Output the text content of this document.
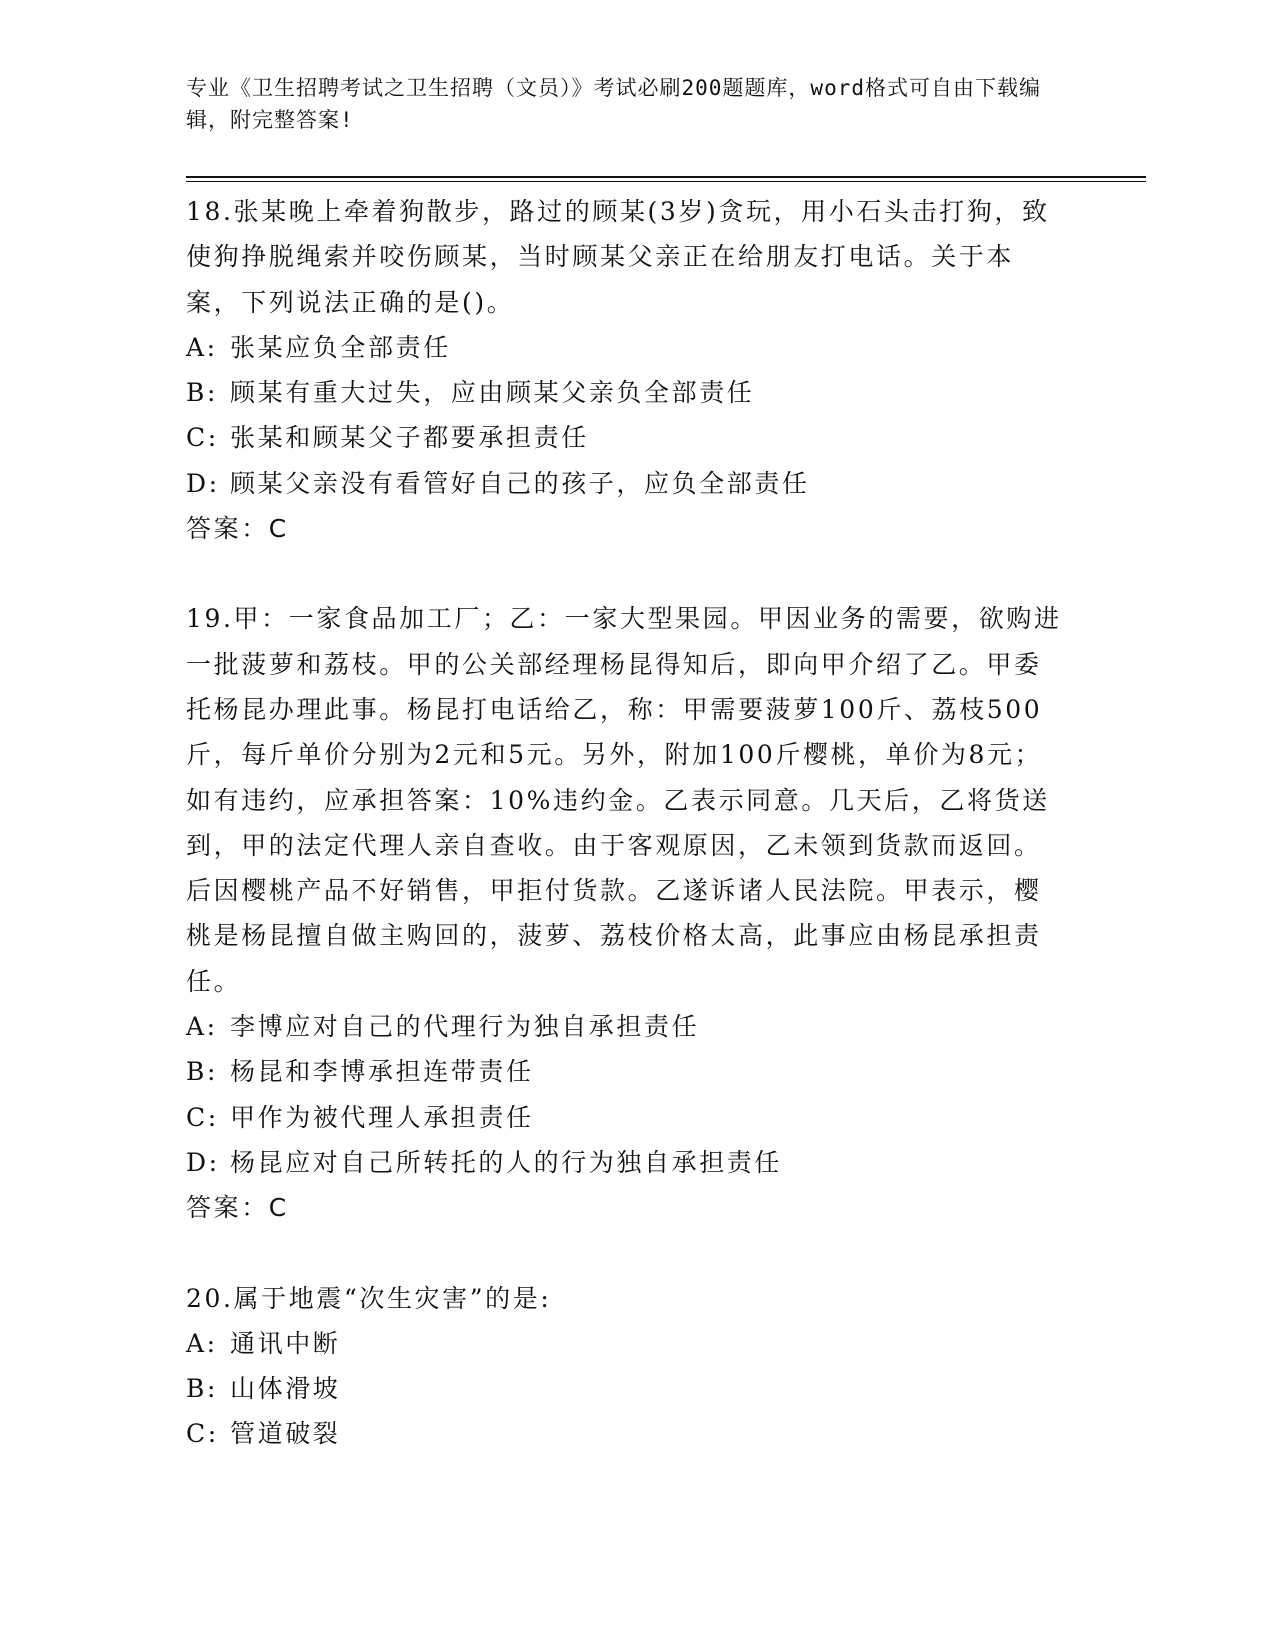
专业《卫生招聘考试之卫生招聘（文员）》考试必刷200题题库，word格式可自由下载编辑，附完整答案!

18.张某晚上牵着狗散步，路过的顾某(3岁)贪玩，用小石头击打狗，致使狗挣脱绳索并咬伤顾某，当时顾某父亲正在给朋友打电话。关于本案，下列说法正确的是()。

A: 张某应负全部责任

B: 顾某有重大过失，应由顾某父亲负全部责任

C: 张某和顾某父子都要承担责任

D: 顾某父亲没有看管好自己的孩子，应负全部责任

答案：C

19.甲：一家食品加工厂；乙：一家大型果园。甲因业务的需要，欲购进一批菠萝和荔枝。甲的公关部经理杨昆得知后，即向甲介绍了乙。甲委托杨昆办理此事。杨昆打电话给乙，称：甲需要菠萝100斤、荔枝500斤，每斤单价分别为2元和5元。另外，附加100斤樱桃，单价为8元；如有违约，应承担答案：10%违约金。乙表示同意。几天后，乙将货送到，甲的法定代理人亲自查收。由于客观原因，乙未领到货款而返回。后因樱桃产品不好销售，甲拒付货款。乙遂诉诸人民法院。甲表示，樱桃是杨昆擅自做主购回的，菠萝、荔枝价格太高，此事应由杨昆承担责任。

A: 李博应对自己的代理行为独自承担责任

B: 杨昆和李博承担连带责任

C: 甲作为被代理人承担责任

D: 杨昆应对自己所转托的人的行为独自承担责任

答案：C

20.属于地震“次生灾害”的是:

A: 通讯中断

B: 山体滑坡

C: 管道破裂
